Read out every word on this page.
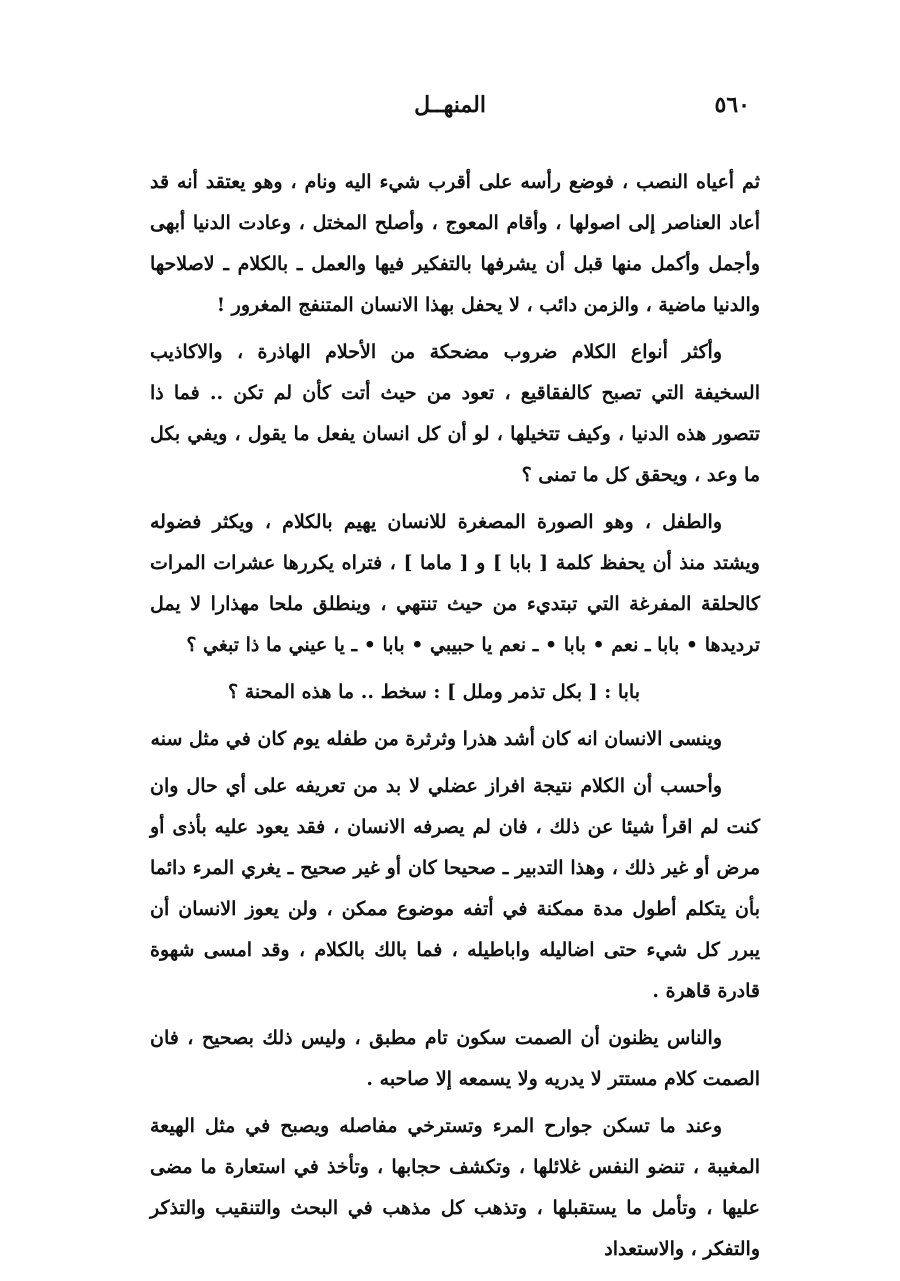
٥٦٠
المنهــل

ثم أعياه النصب ، فوضع رأسه على أقرب شيء اليه ونام ، وهو يعتقد أنه قد أعاد العناصر إلى اصولها ، وأقام المعوج ، وأصلح المختل ، وعادت الدنيا أبهى وأجمل وأكمل منها قبل أن يشرفها بالتفكير فيها والعمل ـ بالكلام ـ لاصلاحها والدنيا ماضية ، والزمن دائب ، لا يحفل بهذا الانسان المتنفج المغرور !

وأكثر أنواع الكلام ضروب مضحكة من الأحلام الهاذرة ، والاكاذيب السخيفة التي تصبح كالفقاقيع ، تعود من حيث أتت كأن لم تكن .. فما ذا تتصور هذه الدنيا ، وكيف تتخيلها ، لو أن كل انسان يفعل ما يقول ، ويفي بكل ما وعد ، ويحقق كل ما تمنى ؟

والطفل ، وهو الصورة المصغرة للانسان يهيم بالكلام ، ويكثر فضوله ويشتد منذ أن يحفظ كلمة [ بابا ] و [ ماما ] ، فتراه يكررها عشرات المرات كالحلقة المفرغة التي تبتديء من حيث تنتهي ، وينطلق ملحا مهذارا لا يمل ترديدها • بابا ـ نعم • بابا • ـ نعم يا حبيبي • بابا • ـ يا عيني ما ذا تبغي ؟

بابا : [ بكل تذمر وملل ] : سخط .. ما هذه المحنة ؟

وينسى الانسان انه كان أشد هذرا وثرثرة من طفله يوم كان في مثل سنه

وأحسب أن الكلام نتيجة افراز عضلي لا بد من تعريفه على أي حال وان كنت لم اقرأ شيئا عن ذلك ، فان لم يصرفه الانسان ، فقد يعود عليه بأذى أو مرض أو غير ذلك ، وهذا التدبير ـ صحيحا كان أو غير صحيح ـ يغري المرء دائما بأن يتكلم أطول مدة ممكنة في أتفه موضوع ممكن ، ولن يعوز الانسان أن يبرر كل شيء حتى اضاليله واباطيله ، فما بالك بالكلام ، وقد امسى شهوة قادرة قاهرة .

والناس يظنون أن الصمت سكون تام مطبق ، وليس ذلك بصحيح ، فان الصمت كلام مستتر لا يدريه ولا يسمعه إلا صاحبه .

وعند ما تسكن جوارح المرء وتسترخي مفاصله ويصبح في مثل الهيعة المغيبة ، تنضو النفس غلائلها ، وتكشف حجابها ، وتأخذ في استعارة ما مضى عليها ، وتأمل ما يستقبلها ، وتذهب كل مذهب في البحث والتنقيب والتذكر والتفكر ، والاستعداد
